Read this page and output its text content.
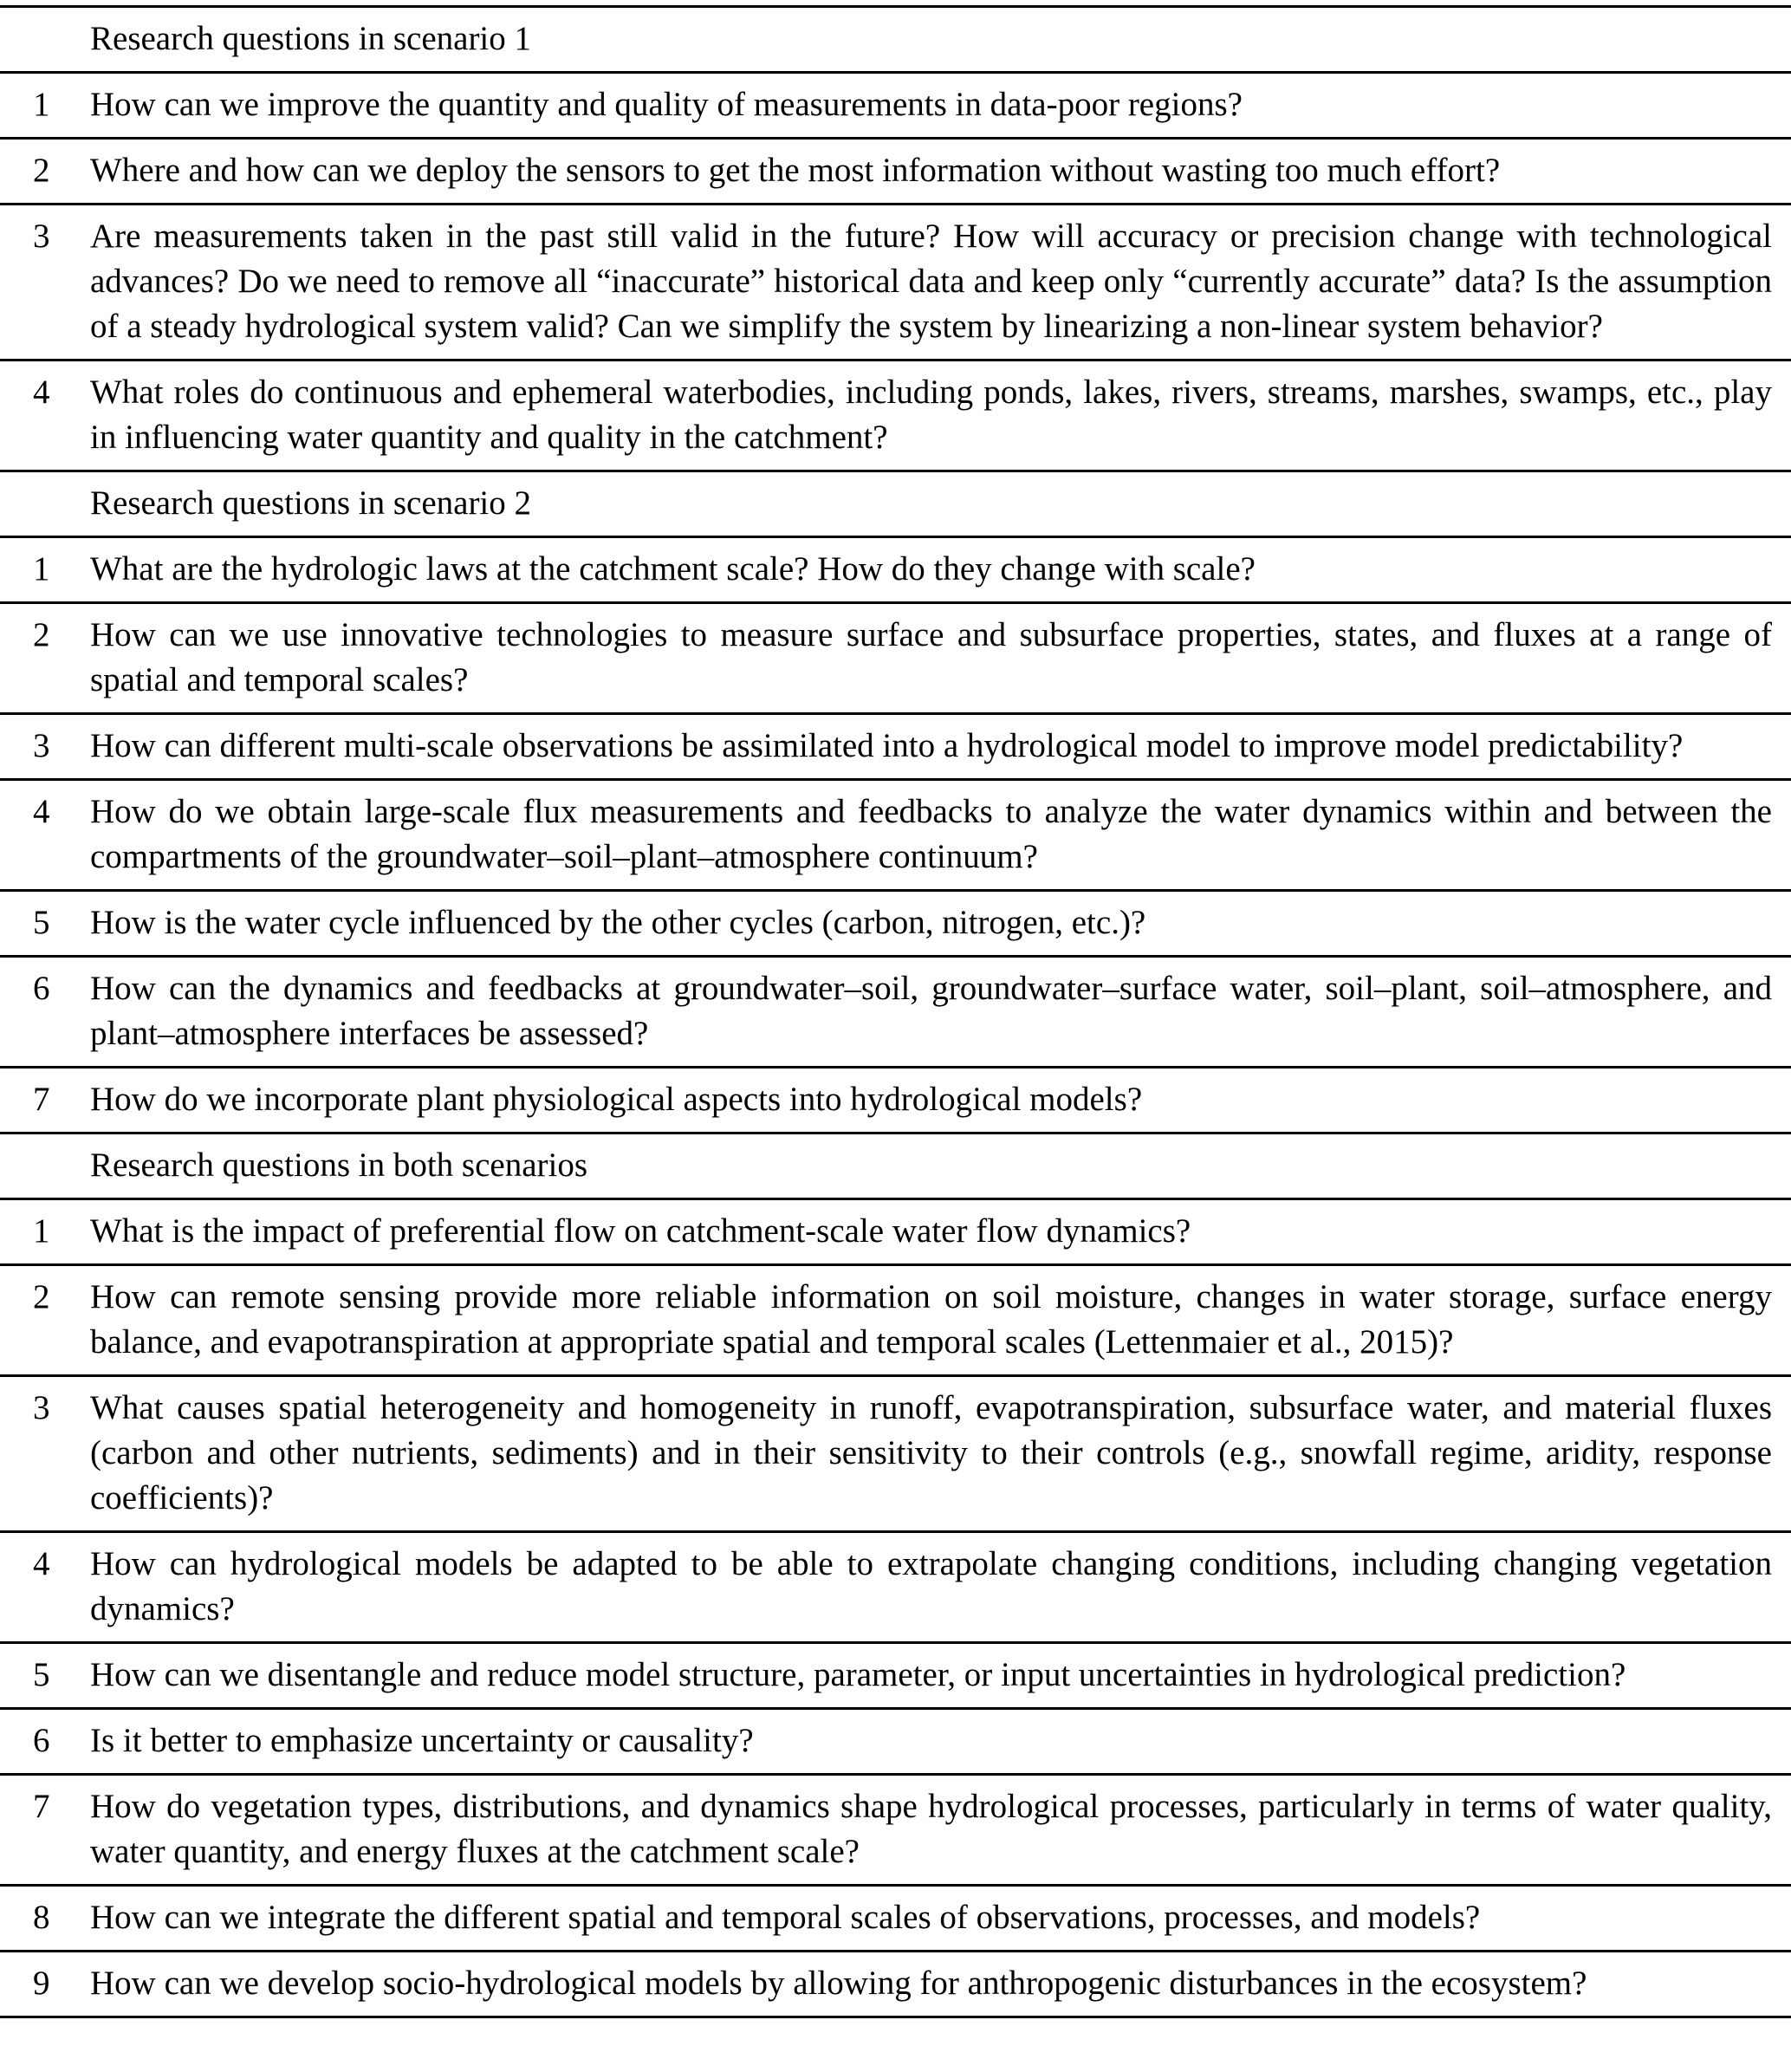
	Research questions in scenario 1
1	How can we improve the quantity and quality of measurements in data-poor regions?
2	Where and how can we deploy the sensors to get the most information without wasting too much effort?
3	Are measurements taken in the past still valid in the future? How will accuracy or precision change with technological advances? Do we need to remove all “inaccurate” historical data and keep only “currently accurate” data? Is the assumption of a steady hydrological system valid? Can we simplify the system by linearizing a non-linear system behavior?
4	What roles do continuous and ephemeral waterbodies, including ponds, lakes, rivers, streams, marshes, swamps, etc., play in influencing water quantity and quality in the catchment?
	Research questions in scenario 2
1	What are the hydrologic laws at the catchment scale? How do they change with scale?
2	How can we use innovative technologies to measure surface and subsurface properties, states, and fluxes at a range of spatial and temporal scales?
3	How can different multi-scale observations be assimilated into a hydrological model to improve model predictability?
4	How do we obtain large-scale flux measurements and feedbacks to analyze the water dynamics within and between the compartments of the groundwater–soil–plant–atmosphere continuum?
5	How is the water cycle influenced by the other cycles (carbon, nitrogen, etc.)?
6	How can the dynamics and feedbacks at groundwater–soil, groundwater–surface water, soil–plant, soil–atmosphere, and plant–atmosphere interfaces be assessed?
7	How do we incorporate plant physiological aspects into hydrological models?
	Research questions in both scenarios
1	What is the impact of preferential flow on catchment-scale water flow dynamics?
2	How can remote sensing provide more reliable information on soil moisture, changes in water storage, surface energy balance, and evapotranspiration at appropriate spatial and temporal scales (Lettenmaier et al., 2015)?
3	What causes spatial heterogeneity and homogeneity in runoff, evapotranspiration, subsurface water, and material fluxes (carbon and other nutrients, sediments) and in their sensitivity to their controls (e.g., snowfall regime, aridity, response coefficients)?
4	How can hydrological models be adapted to be able to extrapolate changing conditions, including changing vegetation dynamics?
5	How can we disentangle and reduce model structure, parameter, or input uncertainties in hydrological prediction?
6	Is it better to emphasize uncertainty or causality?
7	How do vegetation types, distributions, and dynamics shape hydrological processes, particularly in terms of water quality, water quantity, and energy fluxes at the catchment scale?
8	How can we integrate the different spatial and temporal scales of observations, processes, and models?
9	How can we develop socio-hydrological models by allowing for anthropogenic disturbances in the ecosystem?
